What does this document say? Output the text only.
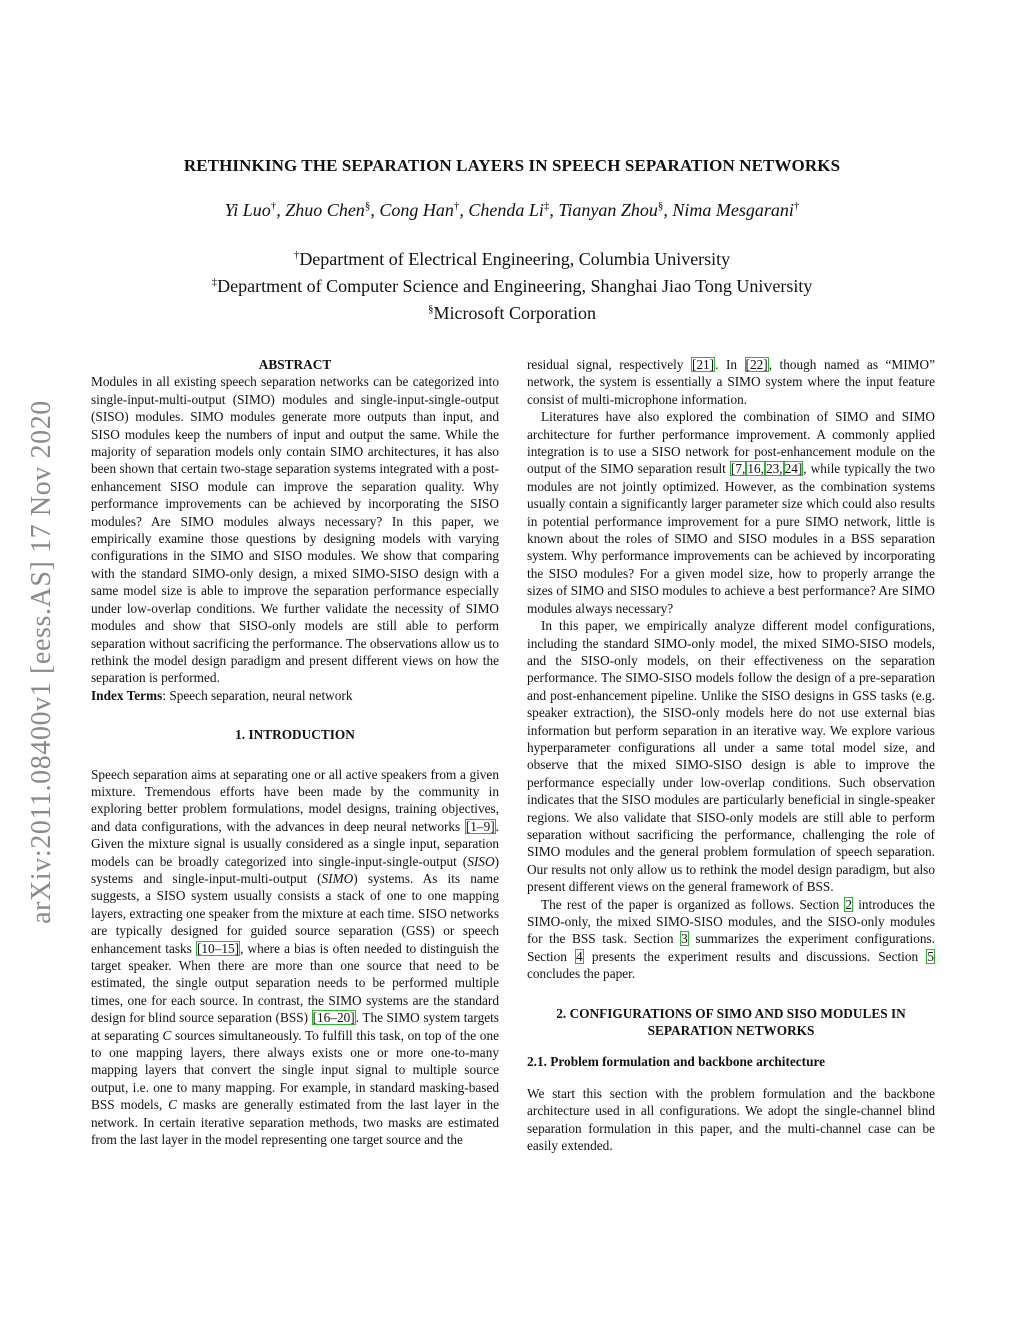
arXiv:2011.08400v1 [eess.AS] 17 Nov 2020
RETHINKING THE SEPARATION LAYERS IN SPEECH SEPARATION NETWORKS
Yi Luo†, Zhuo Chen§, Cong Han†, Chenda Li‡, Tianyan Zhou§, Nima Mesgarani†
†Department of Electrical Engineering, Columbia University
‡Department of Computer Science and Engineering, Shanghai Jiao Tong University
§Microsoft Corporation

ABSTRACT

Modules in all existing speech separation networks can be categorized into single-input-multi-output (SIMO) modules and single-input-single-output (SISO) modules. SIMO modules generate more outputs than input, and SISO modules keep the numbers of input and output the same. While the majority of separation models only contain SIMO architectures, it has also been shown that certain two-stage separation systems integrated with a post-enhancement SISO module can improve the separation quality. Why performance improvements can be achieved by incorporating the SISO modules? Are SIMO modules always necessary? In this paper, we empirically examine those questions by designing models with varying configurations in the SIMO and SISO modules. We show that comparing with the standard SIMO-only design, a mixed SIMO-SISO design with a same model size is able to improve the separation performance especially under low-overlap conditions. We further validate the necessity of SIMO modules and show that SISO-only models are still able to perform separation without sacrificing the performance. The observations allow us to rethink the model design paradigm and present different views on how the separation is performed.

Index Terms: Speech separation, neural network

1. INTRODUCTION

Speech separation aims at separating one or all active speakers from a given mixture. Tremendous efforts have been made by the community in exploring better problem formulations, model designs, training objectives, and data configurations, with the advances in deep neural networks [1–9]. Given the mixture signal is usually considered as a single input, separation models can be broadly categorized into single-input-single-output (SISO) systems and single-input-multi-output (SIMO) systems. As its name suggests, a SISO system usually consists a stack of one to one mapping layers, extracting one speaker from the mixture at each time. SISO networks are typically designed for guided source separation (GSS) or speech enhancement tasks [10–15], where a bias is often needed to distinguish the target speaker. When there are more than one source that need to be estimated, the single output separation needs to be performed multiple times, one for each source. In contrast, the SIMO systems are the standard design for blind source separation (BSS) [16–20]. The SIMO system targets at separating C sources simultaneously. To fulfill this task, on top of the one to one mapping layers, there always exists one or more one-to-many mapping layers that convert the single input signal to multiple source output, i.e. one to many mapping. For example, in standard masking-based BSS models, C masks are generally estimated from the last layer in the network. In certain iterative separation methods, two masks are estimated from the last layer in the model representing one target source and the

residual signal, respectively [21]. In [22], though named as “MIMO” network, the system is essentially a SIMO system where the input feature consist of multi-microphone information.

Literatures have also explored the combination of SIMO and SIMO architecture for further performance improvement. A commonly applied integration is to use a SISO network for post-enhancement module on the output of the SIMO separation result [7, 16, 23, 24], while typically the two modules are not jointly optimized. However, as the combination systems usually contain a significantly larger parameter size which could also results in potential performance improvement for a pure SIMO network, little is known about the roles of SIMO and SISO modules in a BSS separation system. Why performance improvements can be achieved by incorporating the SISO modules? For a given model size, how to properly arrange the sizes of SIMO and SISO modules to achieve a best performance? Are SIMO modules always necessary?

In this paper, we empirically analyze different model configurations, including the standard SIMO-only model, the mixed SIMO-SISO models, and the SISO-only models, on their effectiveness on the separation performance. The SIMO-SISO models follow the design of a pre-separation and post-enhancement pipeline. Unlike the SISO designs in GSS tasks (e.g. speaker extraction), the SISO-only models here do not use external bias information but perform separation in an iterative way. We explore various hyperparameter configurations all under a same total model size, and observe that the mixed SIMO-SISO design is able to improve the performance especially under low-overlap conditions. Such observation indicates that the SISO modules are particularly beneficial in single-speaker regions. We also validate that SISO-only models are still able to perform separation without sacrificing the performance, challenging the role of SIMO modules and the general problem formulation of speech separation. Our results not only allow us to rethink the model design paradigm, but also present different views on the general framework of BSS.

The rest of the paper is organized as follows. Section 2 introduces the SIMO-only, the mixed SIMO-SISO modules, and the SISO-only modules for the BSS task. Section 3 summarizes the experiment configurations. Section 4 presents the experiment results and discussions. Section 5 concludes the paper.

2. CONFIGURATIONS OF SIMO AND SISO MODULES IN
SEPARATION NETWORKS

2.1. Problem formulation and backbone architecture

We start this section with the problem formulation and the backbone architecture used in all configurations. We adopt the single-channel blind separation formulation in this paper, and the multi-channel case can be easily extended.
